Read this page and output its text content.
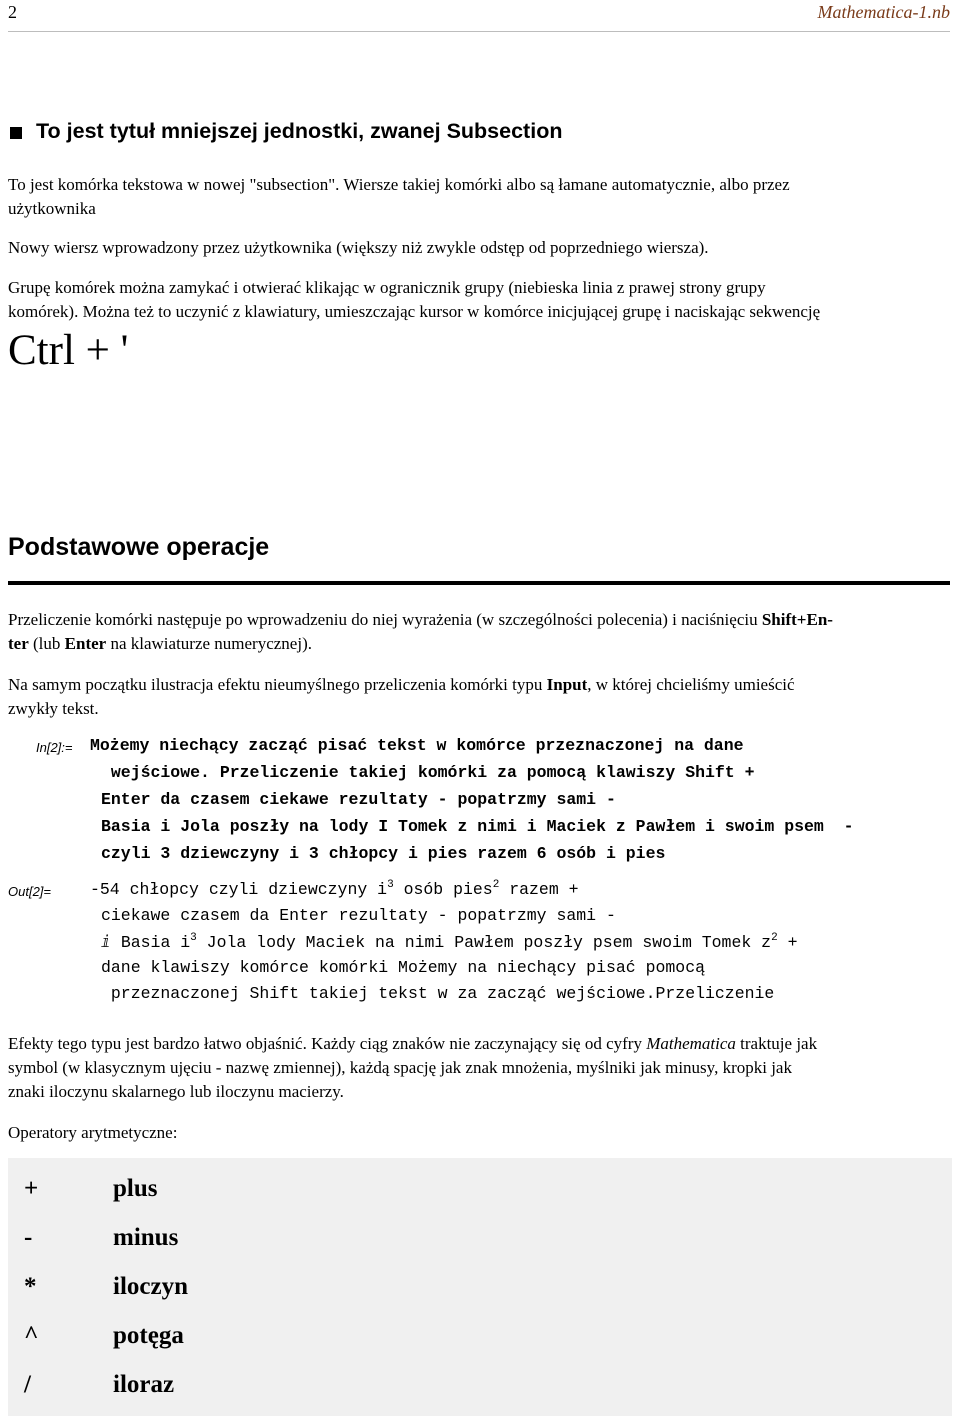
2	Mathematica-1.nb
To jest tytuł mniejszej jednostki, zwanej Subsection
To jest komórka tekstowa w nowej "subsection". Wiersze takiej komórki albo są łamane automatycznie, albo przez
użytkownika
Nowy wiersz wprowadzony przez użytkownika (większy niż zwykle odstęp od poprzedniego wiersza).
Grupę komórek można zamykać i otwierać klikając w ogranicznik grupy (niebieska linia z prawej strony grupy
komórek). Można też to uczynić z klawiatury, umieszczając kursor w komórce inicjującej grupę i naciskając sekwencję
Ctrl + '
Podstawowe operacje
Przeliczenie komórki następuje po wprowadzeniu do niej wyrażenia (w szczególności polecenia) i naciśnięciu Shift+En-
ter (lub Enter na klawiaturze numerycznej).
Na samym początku ilustracja efektu nieumyślnego przeliczenia komórki typu Input, w której chcieliśmy umieścić
zwykły tekst.
In[2]:= Możemy niechący zacząć pisać tekst w komórce przeznaczonej na dane
wejściowe. Przeliczenie takiej komórki za pomocą klawiszy Shift +
Enter da czasem ciekawe rezultaty - popatrzmy sami -
Basia i Jola poszły na lody I Tomek z nimi i Maciek z Pawłem i swoim psem  -
czyli 3 dziewczyny i 3 chłopcy i pies razem 6 osób i pies
Out[2]= -54 chłopcy czyli dziewczyny $i^3$ osób pies$^2$ razem +
ciekawe czasem da Enter rezultaty - popatrzmy sami -
ⅈ Basia $i^3$ Jola lody Maciek na nimi Pawłem poszły psem swoim Tomek $z^2$ +
dane klawiszy komórce komórki Możemy na niechący pisać pomocą
przeznaczonej Shift takiej tekst w za zacząć wejściowe.Przeliczenie
Efekty tego typu jest bardzo łatwo objaśnić. Każdy ciąg znaków nie zaczynający się od cyfry Mathematica traktuje jak
symbol (w klasycznym ujęciu - nazwę zmiennej), każdą spację jak znak mnożenia, myślniki jak minusy, kropki jak
znaki iloczynu skalarnego lub iloczynu macierzy.
Operatory arytmetyczne:
+	plus
-	minus
*	iloczyn
^	potęga
/	iloraz
